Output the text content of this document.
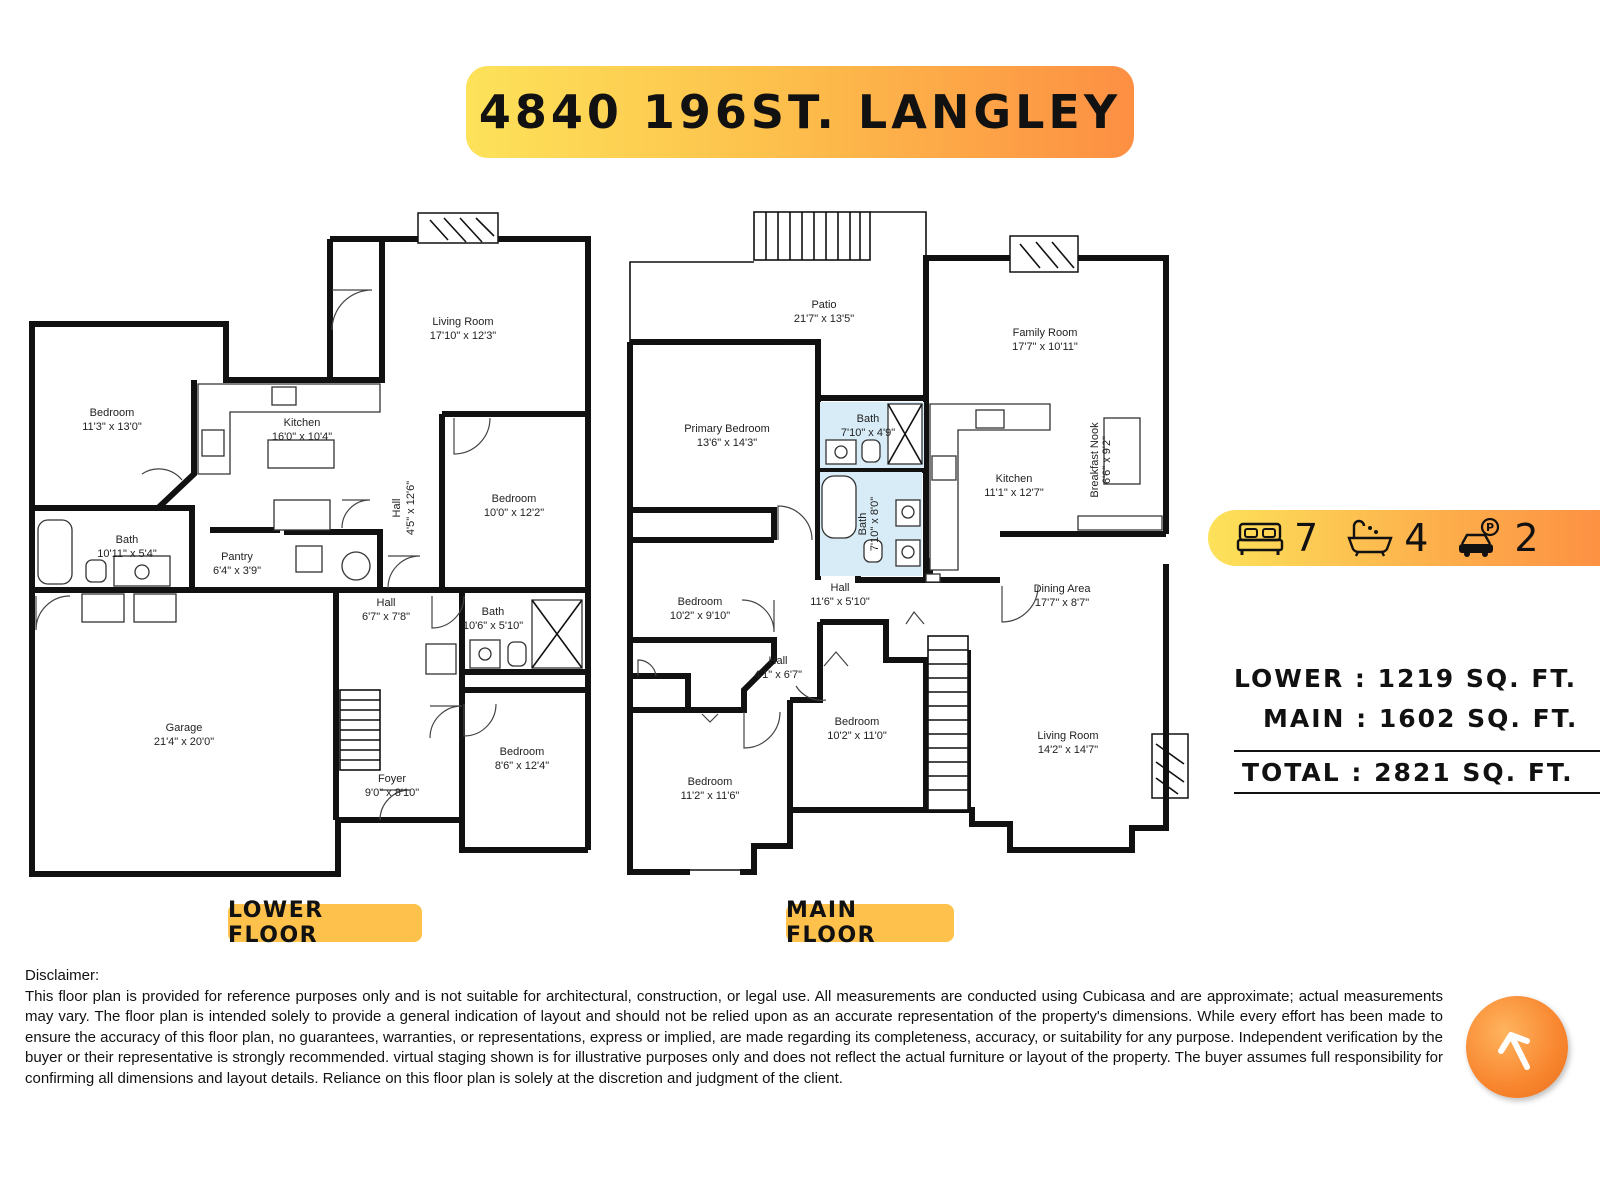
4840 196ST. LANGLEY
Living Room
17'10" x 12'3"
Bedroom
11'3" x 13'0"	Kitchen
16'0" x 10'4"
Hall 4'5" x 12'6"	Bedroom
10'0" x 12'2"
Bath
10'11" x 5'4"	Pantry
6'4" x 3'9"
Hall
6'7" x 7'8"	Bath
10'6" x 5'10"
Garage
21'4" x 20'0"
Foyer
9'0" x 8'10"
Bedroom
8'6" x 12'4"
Patio
21'7" x 13'5"
Family Room
17'7" x 10'11"
Primary Bedroom
13'6" x 14'3"
Bath
7'10" x 4'9"
Bath 7'10" x 8'0"
Kitchen
11'1" x 12'7"	Breakfast Nook 6'6" x 9'2"
Bedroom
10'2" x 9'10"
Hall
11'6" x 5'10"
Dining Area
17'7" x 8'7"
Hall
4'1" x 6'7"
Bedroom
10'2" x 11'0"	Living Room
14'2" x 14'7"
Bedroom
11'2" x 11'6"
LOWER FLOOR
MAIN FLOOR
7 4	P 2
LOWER : 1219 SQ. FT.
MAIN : 1602 SQ. FT.
TOTAL : 2821 SQ. FT.
Disclaimer:
This floor plan is provided for reference purposes only and is not suitable for architectural, construction, or legal use. All measurements are conducted using Cubicasa and are approximate; actual measurements may vary. The floor plan is intended solely to provide a general indication of layout and should not be relied upon as an accurate representation of the property's dimensions. While every effort has been made to ensure the accuracy of this floor plan, no guarantees, warranties, or representations, express or implied, are made regarding its completeness, accuracy, or suitability for any purpose. Independent verification by the buyer or their representative is strongly recommended. virtual staging shown is for illustrative purposes only and does not reflect the actual furniture or layout of the property. The buyer assumes full responsibility for confirming all dimensions and layout details. Reliance on this floor plan is solely at the discretion and judgment of the client.
